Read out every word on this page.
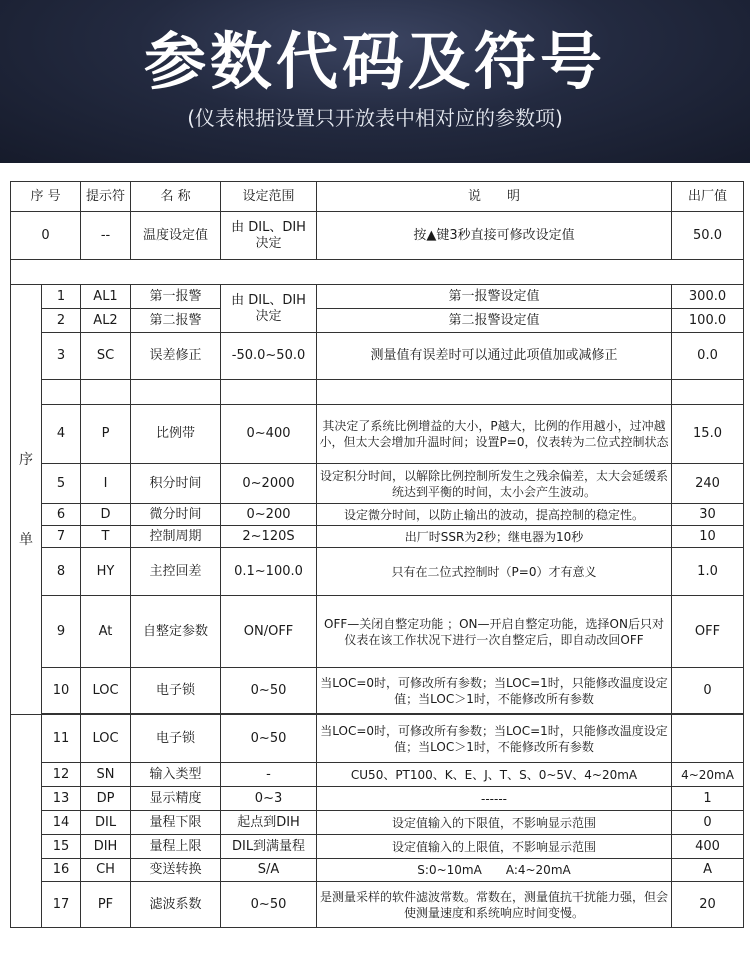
参数代码及符号
(仪表根据设置只开放表中相对应的参数项)
序 号		提示符	名 称	设定范围	说　　明	出厂值
0		--	温度设定值	由 DIL、DIH 决定	按▲键3秒直接可修改设定值	50.0

序

单	1	AL1	第一报警	由 DIL、DIH 决定	第一报警设定值	300.0
	2	AL2	第二报警		第二报警设定值	100.0
	3	SC	误差修正	-50.0~50.0	测量值有误差时可以通过此项值加或减修正	0.0

	4	P	比例带	0~400	其决定了系统比例增益的大小，P越大，比例的作用越小，过冲越小，但太大会增加升温时间；设置P=0，仪表转为二位式控制状态	15.0
	5	I	积分时间	0~2000	设定积分时间，以解除比例控制所发生之残余偏差，太大会延缓系统达到平衡的时间，太小会产生波动。	240
	6	D	微分时间	0~200	设定微分时间，以防止输出的波动，提高控制的稳定性。	30
	7	T	控制周期	2~120S	出厂时SSR为2秒；继电器为10秒	10
	8	HY	主控回差	0.1~100.0	只有在二位式控制时（P=0）才有意义	1.0
	9	At	自整定参数	ON/OFF	OFF—关闭自整定功能 ；ON—开启自整定功能，选择ON后只对仪表在该工作状况下进行一次自整定后，即自动改回OFF	OFF
	10	LOC	电子锁	0~50	当LOC=0时，可修改所有参数；当LOC=1时，只能修改温度设定值；当LOC＞1时，不能修改所有参数	0

	11	LOC	电子锁	0~50	当LOC=0时，可修改所有参数；当LOC=1时，只能修改温度设定值；当LOC＞1时，不能修改所有参数	
	12	SN	输入类型	-	CU50、PT100、K、E、J、T、S、0~5V、4~20mA	4~20mA
	13	DP	显示精度	0~3	------	1
	14	DIL	量程下限	起点到DIH	设定值输入的下限值，不影响显示范围	0
	15	DIH	量程上限	DIL到满量程	设定值输入的上限值，不影响显示范围	400
	16	CH	变送转换	S/A	S:0~10mA　　A:4~20mA	A
	17	PF	滤波系数	0~50	是测量采样的软件滤波常数。常数在，测量值抗干扰能力强，但会使测量速度和系统响应时间变慢。	20
